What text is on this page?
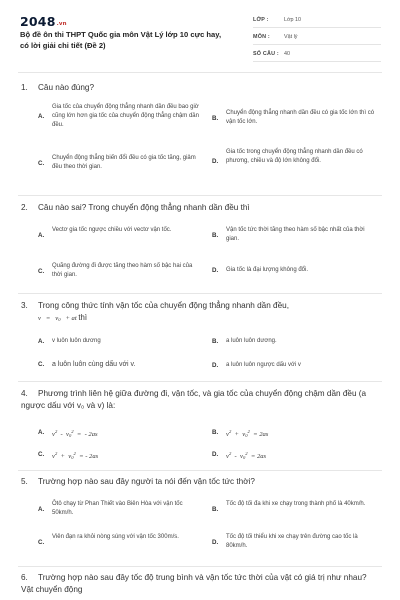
2048.vn
Bộ đề ôn thi THPT Quốc gia môn Vật Lý lớp 10 cực hay, có lời giải chi tiết (Đề 2)
LỚP :	Lớp 10
MÔN :	Vật lý
SỐ CÂU : 40
1. Câu nào đúng?
A.
Gia tốc của chuyển động thẳng nhanh dần đều bao giờ cũng lớn hơn gia tốc của chuyển động thẳng chậm dần đều.
B.
Chuyển động thẳng nhanh dần đều có gia tốc lớn thì có vận tốc lớn.
C.
Chuyển động thẳng biến đổi đều có gia tốc tăng, giảm đều theo thời gian.
D.
Gia tốc trong chuyển động thẳng nhanh dần đều có phương, chiều và độ lớn không đổi.
2. Câu nào sai? Trong chuyển động thẳng nhanh dần đều thì
A.
Vectơ gia tốc ngược chiều với vectơ vận tốc.
B.
Vận tốc tức thời tăng theo hàm số bậc nhất của thời gian.
C.
Quãng đường đi được tăng theo hàm số bậc hai của thời gian.
D. Gia tốc là đại lượng không đổi.
3. Trong công thức tính vận tốc của chuyển động thẳng nhanh dần đều,
$v = v_0$   + at thì
A. v luôn luôn dương	B. a luôn luôn dương.
C. a luôn luôn cùng dấu với v.	D. a luôn luôn ngược dấu với v
4. Phương trình liên hệ giữa đường đi, vận tốc, và gia tốc của chuyển động chậm dần đều (a ngược dấu với v₀ và v) là:
A. $v^2 - v_0^2$  =  - 2as	B. $v^2 + v_0^2 = 2as$
C. $v^2 + v_0^2$  = - 2as	D. $v^2 - v_0^2 = 2as$
5. Trường hợp nào sau đây người ta nói đến vận tốc tức thời?
A.
Ôtô chạy từ Phan Thiết vào Biên Hòa với vận tốc 50km/h.	B.
Tốc độ tối đa khi xe chạy trong thành phố là 40km/h.
C.
Viên đạn ra khỏi nòng súng với vận tốc 300m/s.
D.
Tốc độ tối thiểu khi xe chạy trên đường cao tốc là 80km/h.
6. Trường hợp nào sau đây tốc độ trung bình và vận tốc tức thời của vật có giá trị như nhau? Vật chuyển động
